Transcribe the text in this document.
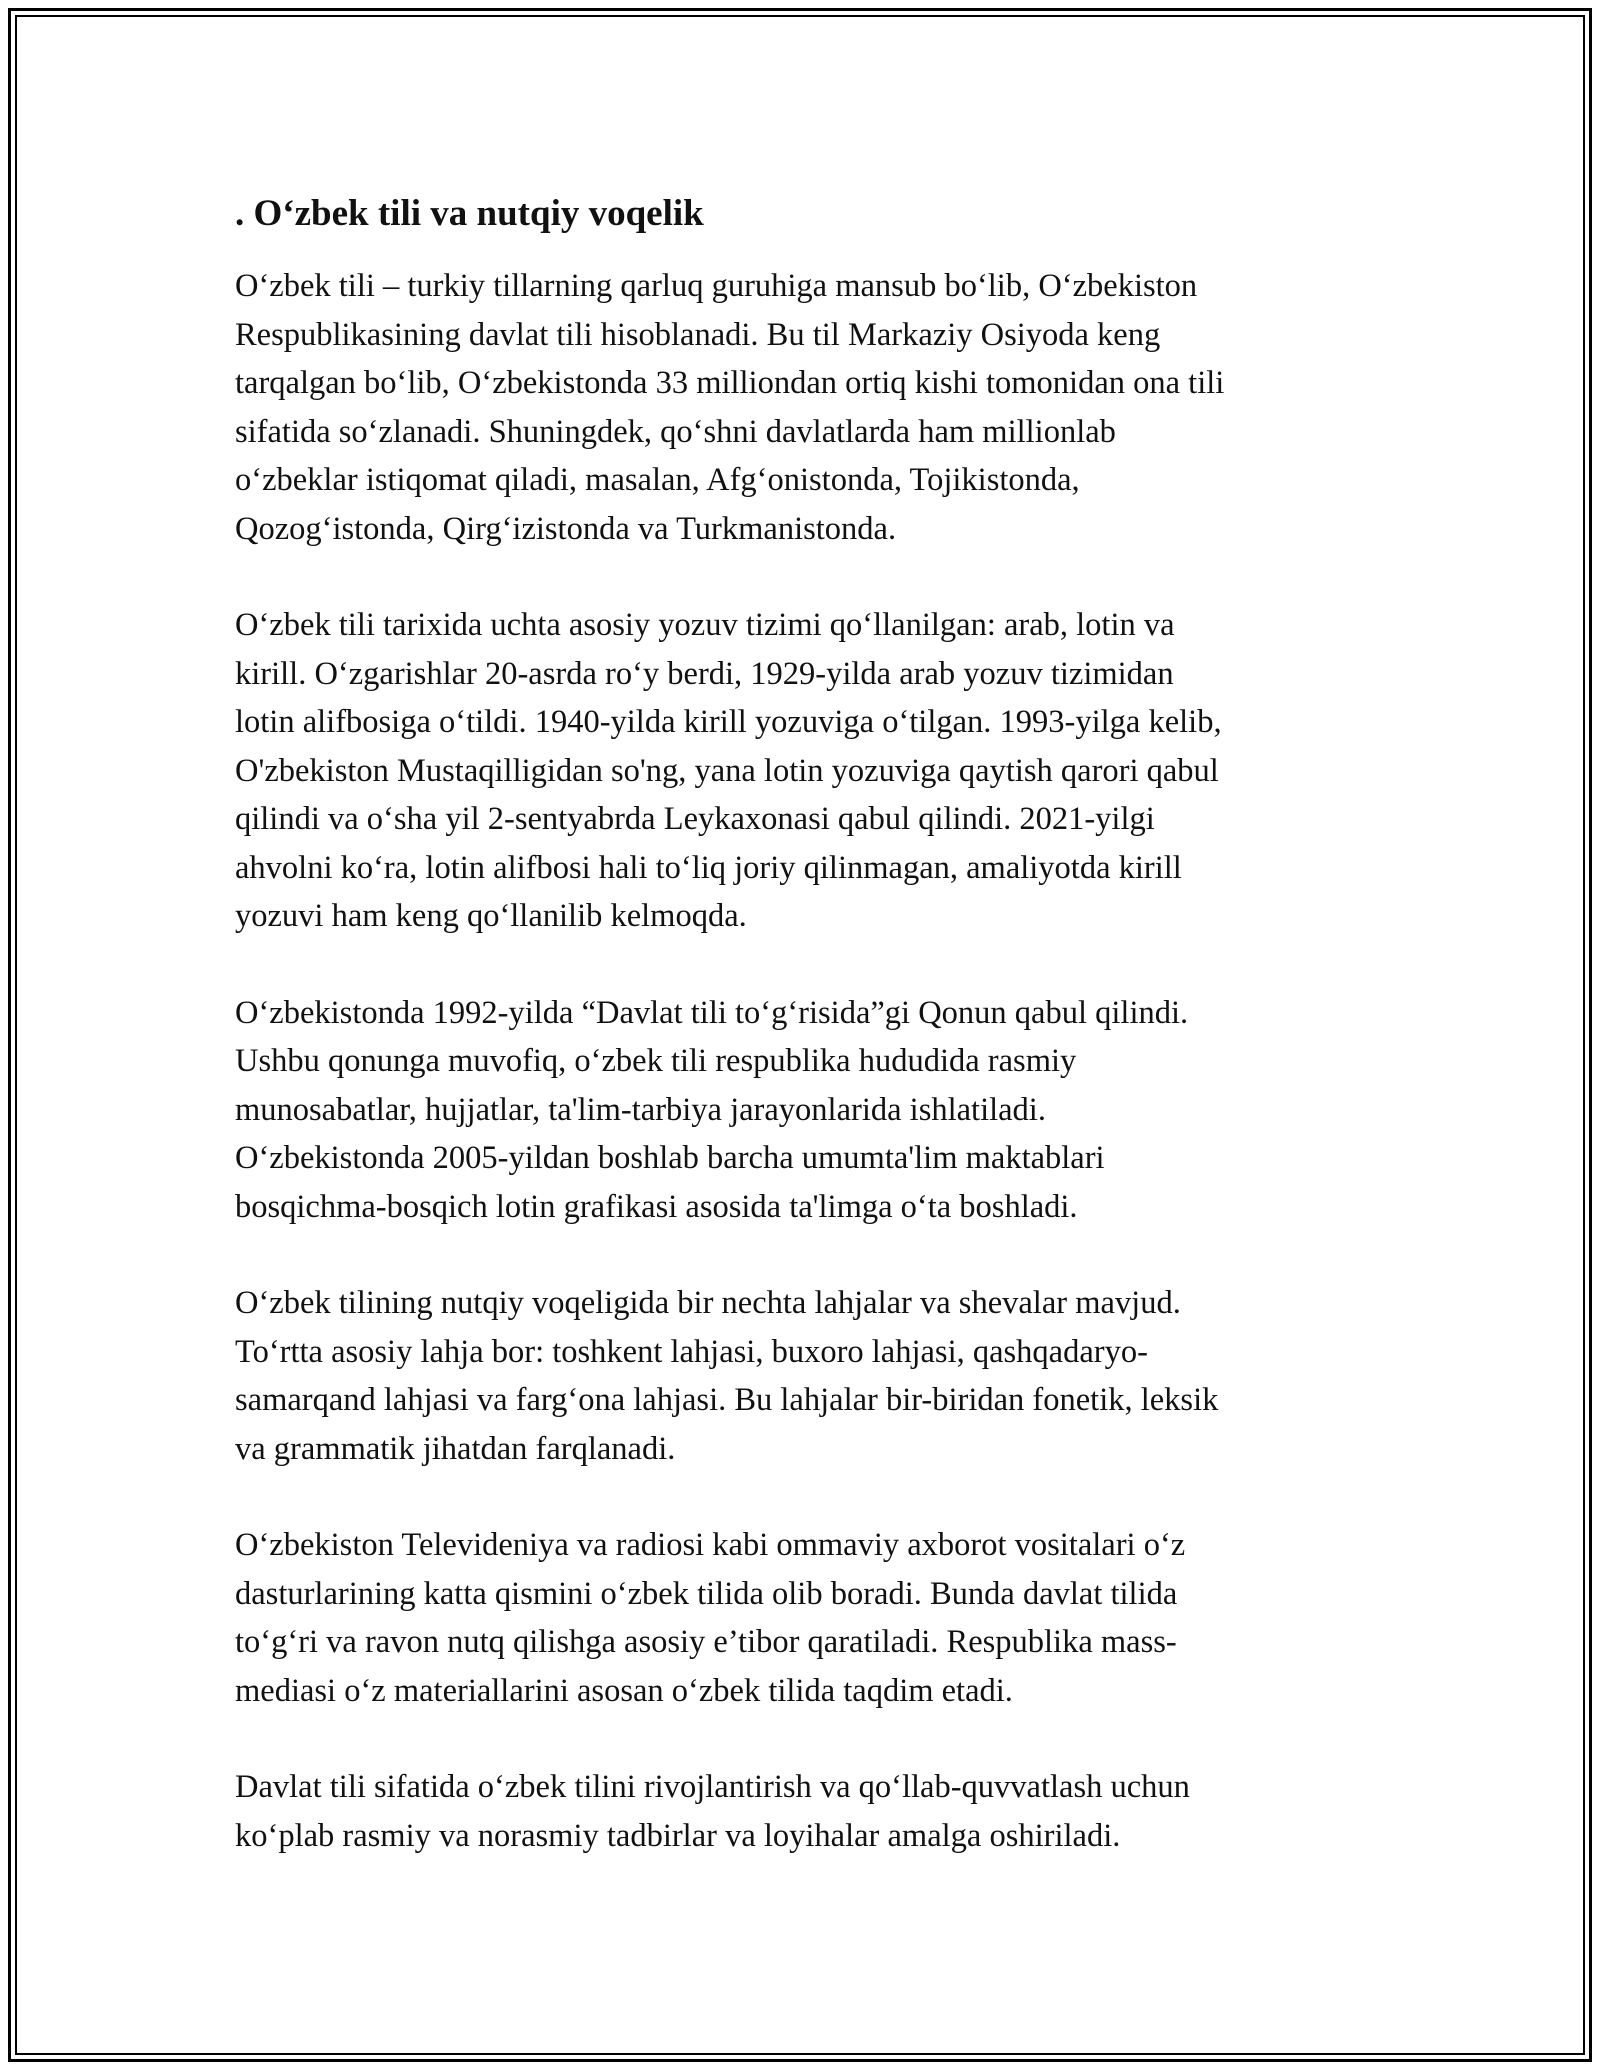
. O‘zbek tili va nutqiy voqelik

O‘zbek tili – turkiy tillarning qarluq guruhiga mansub bo‘lib, O‘zbekiston
Respublikasining davlat tili hisoblanadi. Bu til Markaziy Osiyoda keng
tarqalgan bo‘lib, O‘zbekistonda 33 milliondan ortiq kishi tomonidan ona tili
sifatida so‘zlanadi. Shuningdek, qo‘shni davlatlarda ham millionlab
o‘zbeklar istiqomat qiladi, masalan, Afg‘onistonda, Tojikistonda,
Qozog‘istonda, Qirg‘izistonda va Turkmanistonda.

O‘zbek tili tarixida uchta asosiy yozuv tizimi qo‘llanilgan: arab, lotin va
kirill. O‘zgarishlar 20-asrda ro‘y berdi, 1929-yilda arab yozuv tizimidan
lotin alifbosiga o‘tildi. 1940-yilda kirill yozuviga o‘tilgan. 1993-yilga kelib,
O'zbekiston Mustaqilligidan so'ng, yana lotin yozuviga qaytish qarori qabul
qilindi va o‘sha yil 2-sentyabrda Leykaxonasi qabul qilindi. 2021-yilgi
ahvolni ko‘ra, lotin alifbosi hali to‘liq joriy qilinmagan, amaliyotda kirill
yozuvi ham keng qo‘llanilib kelmoqda.

O‘zbekistonda 1992-yilda “Davlat tili to‘g‘risida”gi Qonun qabul qilindi.
Ushbu qonunga muvofiq, o‘zbek tili respublika hududida rasmiy
munosabatlar, hujjatlar, ta'lim-tarbiya jarayonlarida ishlatiladi.
O‘zbekistonda 2005-yildan boshlab barcha umumta'lim maktablari
bosqichma-bosqich lotin grafikasi asosida ta'limga o‘ta boshladi.

O‘zbek tilining nutqiy voqeligida bir nechta lahjalar va shevalar mavjud.
To‘rtta asosiy lahja bor: toshkent lahjasi, buxoro lahjasi, qashqadaryo-
samarqand lahjasi va farg‘ona lahjasi. Bu lahjalar bir-biridan fonetik, leksik
va grammatik jihatdan farqlanadi.

O‘zbekiston Televideniya va radiosi kabi ommaviy axborot vositalari o‘z
dasturlarining katta qismini o‘zbek tilida olib boradi. Bunda davlat tilida
to‘g‘ri va ravon nutq qilishga asosiy e’tibor qaratiladi. Respublika mass-
mediasi o‘z materiallarini asosan o‘zbek tilida taqdim etadi.

Davlat tili sifatida o‘zbek tilini rivojlantirish va qo‘llab-quvvatlash uchun
ko‘plab rasmiy va norasmiy tadbirlar va loyihalar amalga oshiriladi.
